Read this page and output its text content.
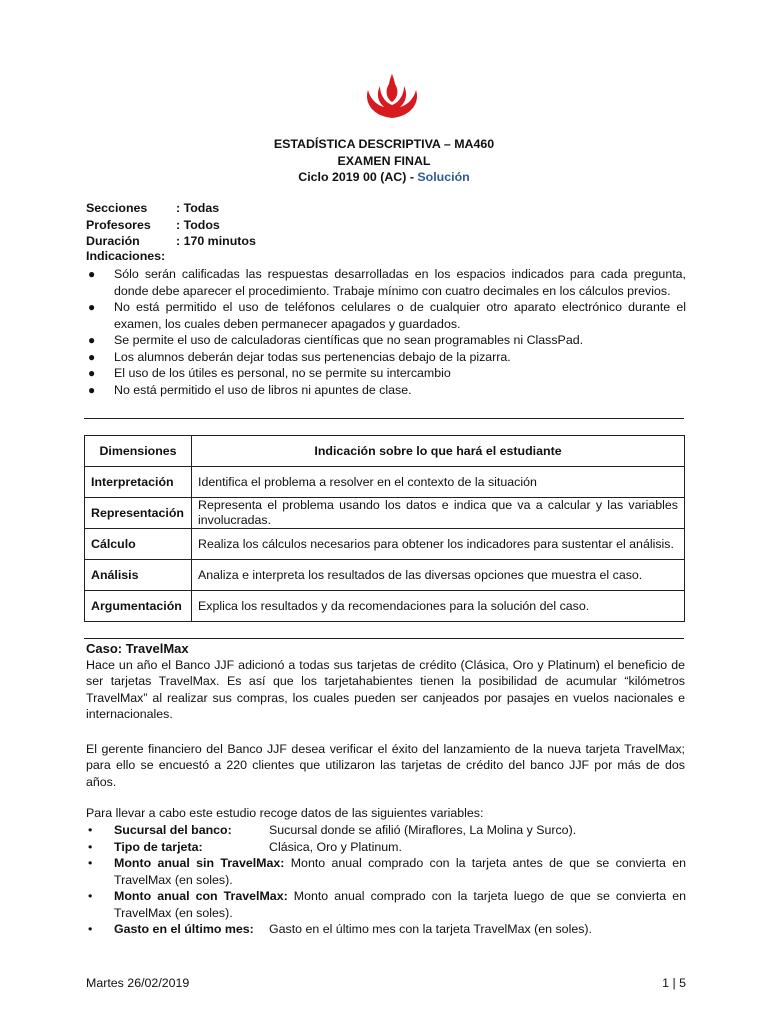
ESTADÍSTICA DESCRIPTIVA – MA460
EXAMEN FINAL
Ciclo 2019 00 (AC) - Solución
Secciones	: Todas
Profesores	: Todos
Duración	: 170 minutos
Indicaciones:
●	Sólo serán calificadas las respuestas desarrolladas en los espacios indicados para cada pregunta, donde debe aparecer el procedimiento. Trabaje mínimo con cuatro decimales en los cálculos previos.
●	No está permitido el uso de teléfonos celulares o de cualquier otro aparato electrónico durante el examen, los cuales deben permanecer apagados y guardados.
●	Se permite el uso de calculadoras científicas que no sean programables ni ClassPad.
●	Los alumnos deberán dejar todas sus pertenencias debajo de la pizarra.
●	El uso de los útiles es personal, no se permite su intercambio
●	No está permitido el uso de libros ni apuntes de clase.
Dimensiones	Indicación sobre lo que hará el estudiante
Interpretación	Identifica el problema a resolver en el contexto de la situación
Representación	Representa el problema usando los datos e indica que va a calcular y las variables involucradas.
Cálculo	Realiza los cálculos necesarios para obtener los indicadores para sustentar el análisis.
Análisis	Analiza e interpreta los resultados de las diversas opciones que muestra el caso.
Argumentación	Explica los resultados y da recomendaciones para la solución del caso.
Caso: TravelMax
Hace un año el Banco JJF adicionó a todas sus tarjetas de crédito (Clásica, Oro y Platinum) el beneficio de ser tarjetas TravelMax. Es así que los tarjetahabientes tienen la posibilidad de acumular “kilómetros TravelMax” al realizar sus compras, los cuales pueden ser canjeados por pasajes en vuelos nacionales e internacionales.
El gerente financiero del Banco JJF desea verificar el éxito del lanzamiento de la nueva tarjeta TravelMax; para ello se encuestó a 220 clientes que utilizaron las tarjetas de crédito del banco JJF por más de dos años.
Para llevar a cabo este estudio recoge datos de las siguientes variables:
•	Sucursal del banco:	Sucursal donde se afilió (Miraflores, La Molina y Surco).
•	Tipo de tarjeta:	Clásica, Oro y Platinum.
•	Monto anual sin TravelMax: Monto anual comprado con la tarjeta antes de que se convierta en TravelMax (en soles).
•	Monto anual con TravelMax: Monto anual comprado con la tarjeta luego de que se convierta en TravelMax (en soles).
•	Gasto en el último mes: Gasto en el último mes con la tarjeta TravelMax (en soles).
Martes 26/02/2019	1 | 5
